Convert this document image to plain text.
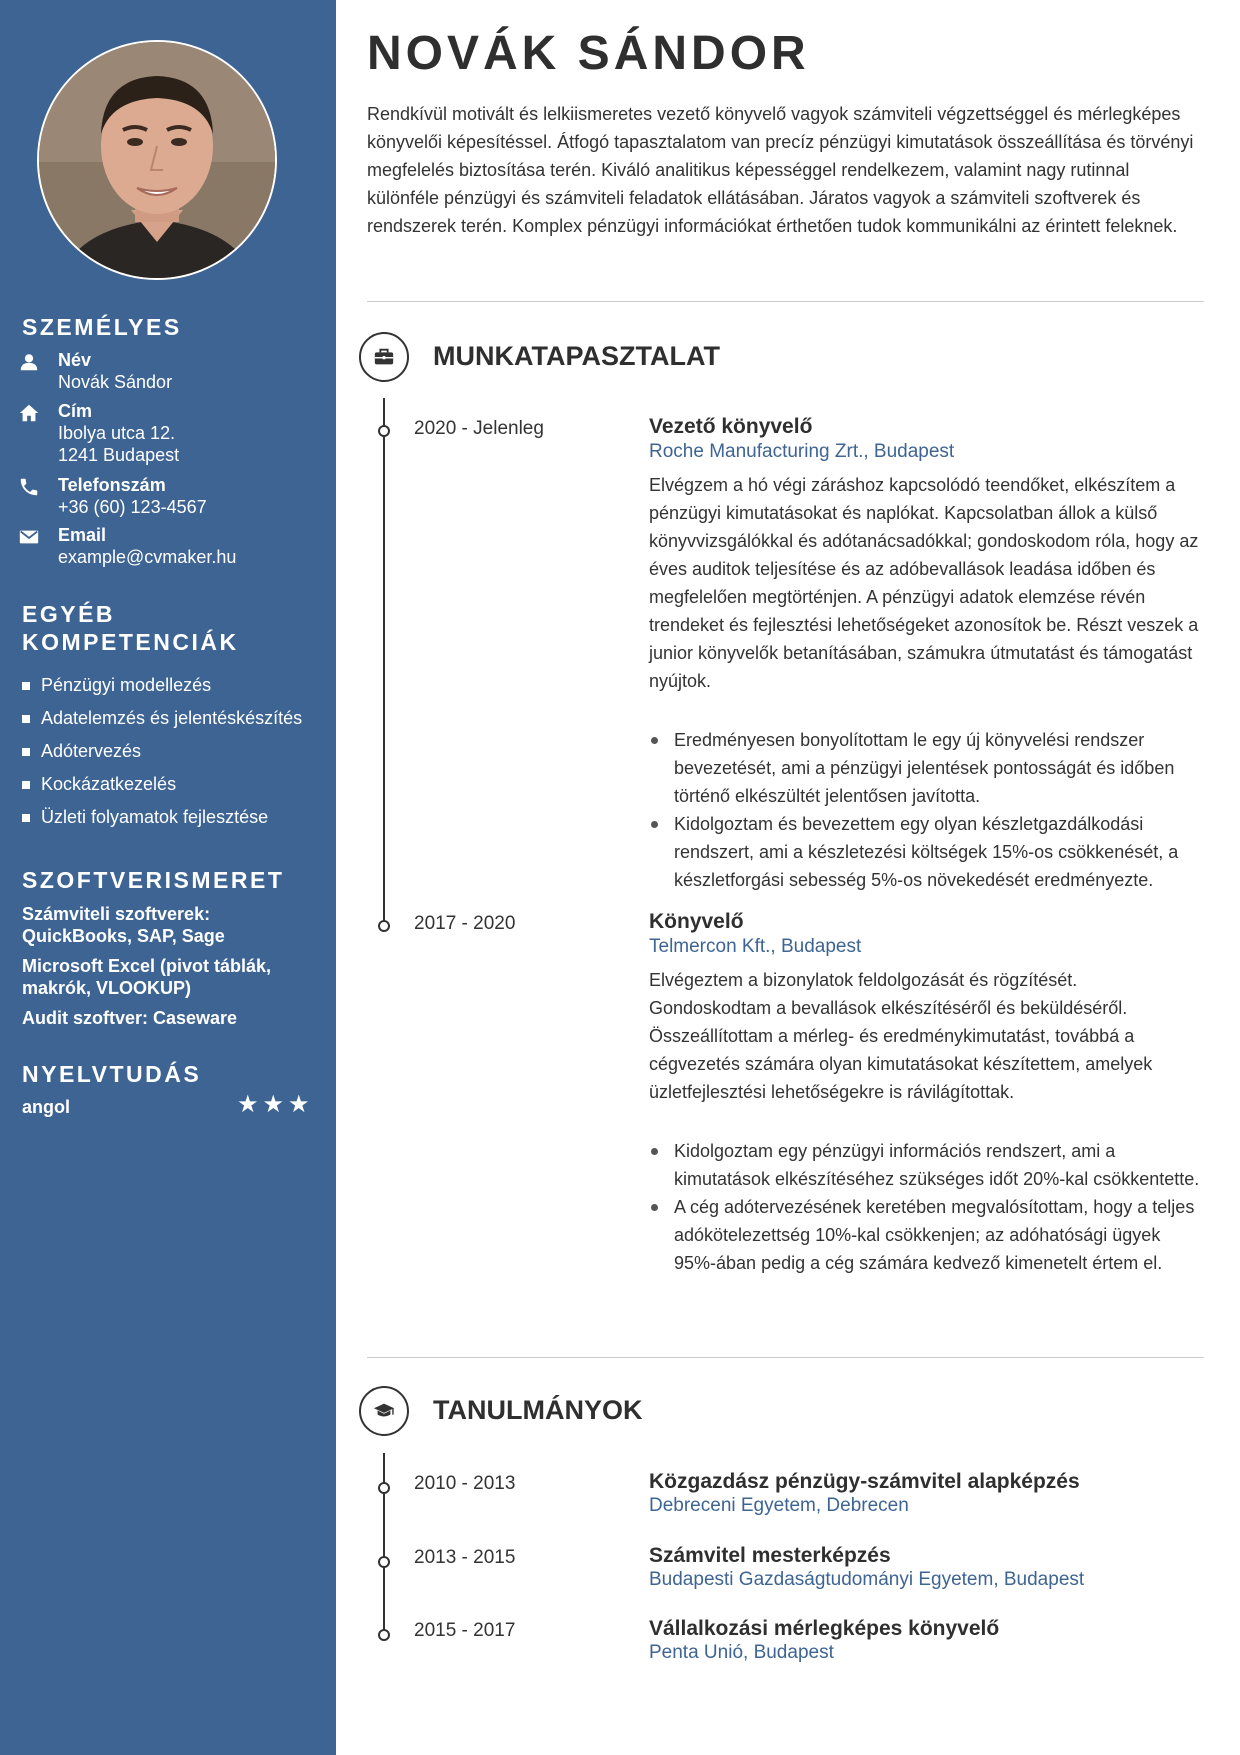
SZEMÉLYES
Név
Novák Sándor
Cím
Ibolya utca 12.
1241 Budapest
Telefonszám
+36 (60) 123-4567
Email
example@cvmaker.hu
EGYÉB
KOMPETENCIÁK
Pénzügyi modellezés
Adatelemzés és jelentéskészítés
Adótervezés
Kockázatkezelés
Üzleti folyamatok fejlesztése
SZOFTVERISMERET
Számviteli szoftverek: QuickBooks, SAP, Sage
Microsoft Excel (pivot táblák, makrók, VLOOKUP)
Audit szoftver: Caseware
NYELVTUDÁS
angol	★★★
NOVÁK SÁNDOR

Rendkívül motivált és lelkiismeretes vezető könyvelő vagyok számviteli végzettséggel és mérlegképes könyvelői képesítéssel. Átfogó tapasztalatom van precíz pénzügyi kimutatások összeállítása és törvényi megfelelés biztosítása terén. Kiváló analitikus képességgel rendelkezem, valamint nagy rutinnal különféle pénzügyi és számviteli feladatok ellátásában. Járatos vagyok a számviteli szoftverek és rendszerek terén. Komplex pénzügyi információkat érthetően tudok kommunikálni az érintett feleknek.

MUNKATAPASZTALAT
2020 - Jelenleg	Vezető könyvelő
Roche Manufacturing Zrt., Budapest

Elvégzem a hó végi záráshoz kapcsolódó teendőket, elkészítem a pénzügyi kimutatásokat és naplókat. Kapcsolatban állok a külső könyvvizsgálókkal és adótanácsadókkal; gondoskodom róla, hogy az éves auditok teljesítése és az adóbevallások leadása időben és megfelelően megtörténjen. A pénzügyi adatok elemzése révén trendeket és fejlesztési lehetőségeket azonosítok be. Részt veszek a junior könyvelők betanításában, számukra útmutatást és támogatást nyújtok.

Eredményesen bonyolítottam le egy új könyvelési rendszer bevezetését, ami a pénzügyi jelentések pontosságát és időben történő elkészültét jelentősen javította.
Kidolgoztam és bevezettem egy olyan készletgazdálkodási rendszert, ami a készletezési költségek 15%-os csökkenését, a készletforgási sebesség 5%-os növekedését eredményezte.
2017 - 2020	Könyvelő
Telmercon Kft., Budapest

Elvégeztem a bizonylatok feldolgozását és rögzítését. Gondoskodtam a bevallások elkészítéséről és beküldéséről. Összeállítottam a mérleg- és eredménykimutatást, továbbá a cégvezetés számára olyan kimutatásokat készítettem, amelyek üzletfejlesztési lehetőségekre is rávilágítottak.

Kidolgoztam egy pénzügyi információs rendszert, ami a kimutatások elkészítéséhez szükséges időt 20%-kal csökkentette.
A cég adótervezésének keretében megvalósítottam, hogy a teljes adókötelezettség 10%-kal csökkenjen; az adóhatósági ügyek 95%-ában pedig a cég számára kedvező kimenetelt értem el.
TANULMÁNYOK
2010 - 2013	Közgazdász pénzügy-számvitel alapképzés
Debreceni Egyetem, Debrecen
2013 - 2015	Számvitel mesterképzés
Budapesti Gazdaságtudományi Egyetem, Budapest
2015 - 2017	Vállalkozási mérlegképes könyvelő
Penta Unió, Budapest
